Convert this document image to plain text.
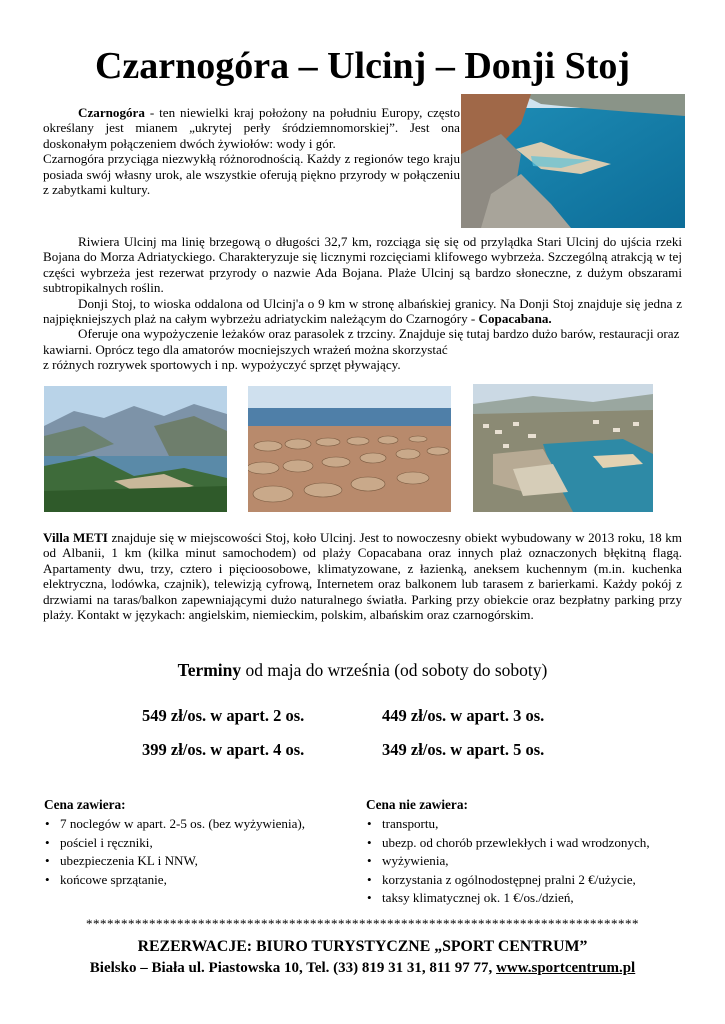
Czarnogóra – Ulcinj – Donji Stoj

Czarnogóra - ten niewielki kraj położony na południu Europy, często określany jest mianem „ukrytej perły śródziemnomorskiej”. Jest ona doskonałym połączeniem dwóch żywiołów: wody i gór.

Czarnogóra przyciąga niezwykłą różnorodnością. Każdy z regionów tego kraju posiada swój własny urok, ale wszystkie oferują piękno przyrody w połączeniu z zabytkami kultury.

Riwiera Ulcinj ma linię brzegową o długości 32,7 km, rozciąga się się od przylądka Stari Ulcinj do ujścia rzeki Bojana do Morza Adriatyckiego. Charakteryzuje się licznymi rozcięciami klifowego wybrzeża. Szczególną atrakcją w tej części wybrzeża jest rezerwat przyrody o nazwie Ada Bojana. Plaże Ulcinj są bardzo słoneczne, z dużym obszarami subtropikalnych roślin.

Donji Stoj, to wioska oddalona od Ulcinj'a o 9 km w stronę albańskiej granicy. Na Donji Stoj znajduje się jedna z najpiękniejszych plaż na całym wybrzeżu adriatyckim należącym do Czarnogóry - Copacabana.

Oferuje ona wypożyczenie leżaków oraz parasolek z trzciny. Znajduje się tutaj bardzo dużo barów, restauracji oraz kawiarni. Oprócz tego dla amatorów mocniejszych wrażeń można skorzystać

z różnych rozrywek sportowych i np. wypożyczyć sprzęt pływający.

Villa METI znajduje się w miejscowości Stoj, koło Ulcinj. Jest to nowoczesny obiekt wybudowany w 2013 roku, 18 km od Albanii, 1 km (kilka minut samochodem) od plaży Copacabana oraz innych plaż oznaczonych błękitną flagą. Apartamenty dwu, trzy, cztero i pięcioosobowe, klimatyzowane, z łazienką, aneksem kuchennym (m.in. kuchenka elektryczna, lodówka, czajnik), telewizją cyfrową, Internetem oraz balkonem lub tarasem z barierkami. Każdy pokój z drzwiami na taras/balkon zapewniającymi dużo naturalnego światła. Parking przy obiekcie oraz bezpłatny parking przy plaży. Kontakt w językach: angielskim, niemieckim, polskim, albańskim oraz czarnogórskim.

Terminy od maja do września (od soboty do soboty)
549 zł/os. w apart. 2 os.	449 zł/os. w apart. 3 os.
399 zł/os. w apart. 4 os.	349 zł/os. w apart. 5 os.
Cena zawiera:
• 7 noclegów w apart. 2-5 os. (bez wyżywienia),
• pościel i ręczniki,
• ubezpieczenia KL i NNW,
• końcowe sprzątanie,
Cena nie zawiera:
• transportu,
• ubezp. od chorób przewlekłych i wad wrodzonych,
• wyżywienia,
• korzystania z ogólnodostępnej pralni 2 €/użycie,
• taksy klimatycznej ok. 1 €/os./dzień,
*******************************************************************************
REZERWACJE: BIURO TURYSTYCZNE „SPORT CENTRUM”
Bielsko – Biała ul. Piastowska 10, Tel. (33) 819 31 31, 811 97 77, www.sportcentrum.pl
